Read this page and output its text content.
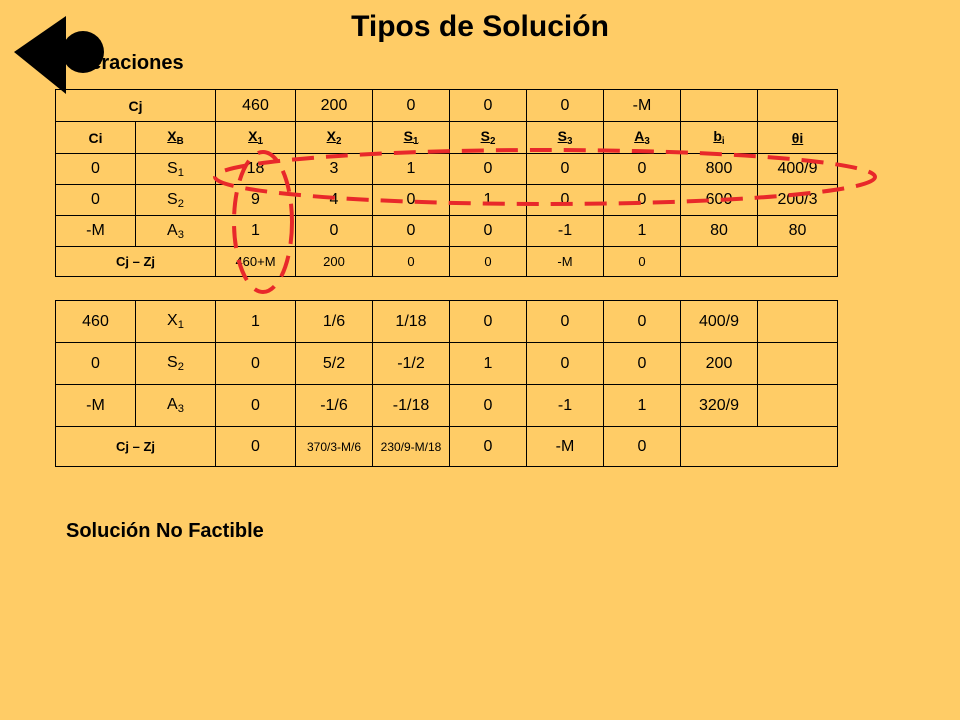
Tipos de Solución
Iteraciones
Cj		460	200	0	0	0	-M		
Ci	$X_B$	$X_1$	$X_2$	$S_1$	$S_2$	$S_3$	$A_3$	$b_i$	θi
0	$S_1$	18	3	1	0	0	0	800	400/9
0	$S_2$	9	4	0	1	0	0	600	200/3
-M	$A_3$	1	0	0	0	-1	1	80	80
Cj – Zj		460+M	200	0	0	-M	0		
460	$X_1$	1	1/6	1/18	0	0	0	400/9	
0	$S_2$	0	5/2	-1/2	1	0	0	200	
-M	$A_3$	0	-1/6	-1/18	0	-1	1	320/9	
Cj – Zj		0	370/3-M/6	230/9-M/18	0	-M	0		
Solución No Factible
